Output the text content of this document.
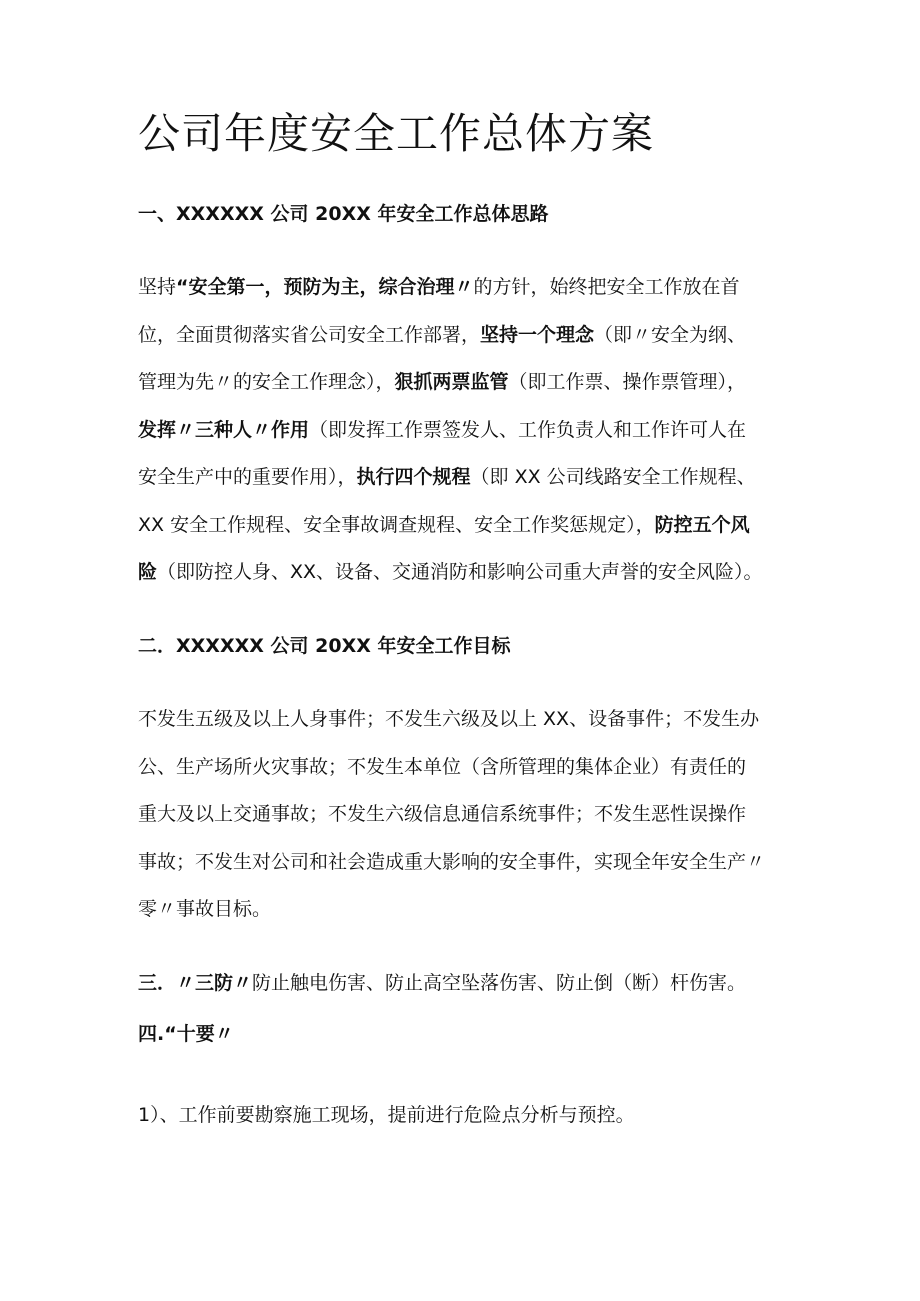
公司年度安全工作总体方案
一、XXXXXX 公司 20XX 年安全工作总体思路
坚持“安全第一，预防为主，综合治理〃的方针，始终把安全工作放在首
位，全面贯彻落实省公司安全工作部署，坚持一个理念（即〃安全为纲、
管理为先〃的安全工作理念），狠抓两票监管（即工作票、操作票管理），
发挥〃三种人〃作用（即发挥工作票签发人、工作负责人和工作许可人在
安全生产中的重要作用），执行四个规程（即 XX 公司线路安全工作规程、
XX 安全工作规程、安全事故调查规程、安全工作奖惩规定），防控五个风
险（即防控人身、XX、设备、交通消防和影响公司重大声誉的安全风险）。
二．XXXXXX 公司 20XX 年安全工作目标
不发生五级及以上人身事件；不发生六级及以上 XX、设备事件；不发生办
公、生产场所火灾事故；不发生本单位（含所管理的集体企业）有责任的
重大及以上交通事故；不发生六级信息通信系统事件；不发生恶性误操作
事故；不发生对公司和社会造成重大影响的安全事件，实现全年安全生产〃
零〃事故目标。
三．〃三防〃防止触电伤害、防止高空坠落伤害、防止倒（断）杆伤害。
四.“十要〃
1）、工作前要勘察施工现场，提前进行危险点分析与预控。
